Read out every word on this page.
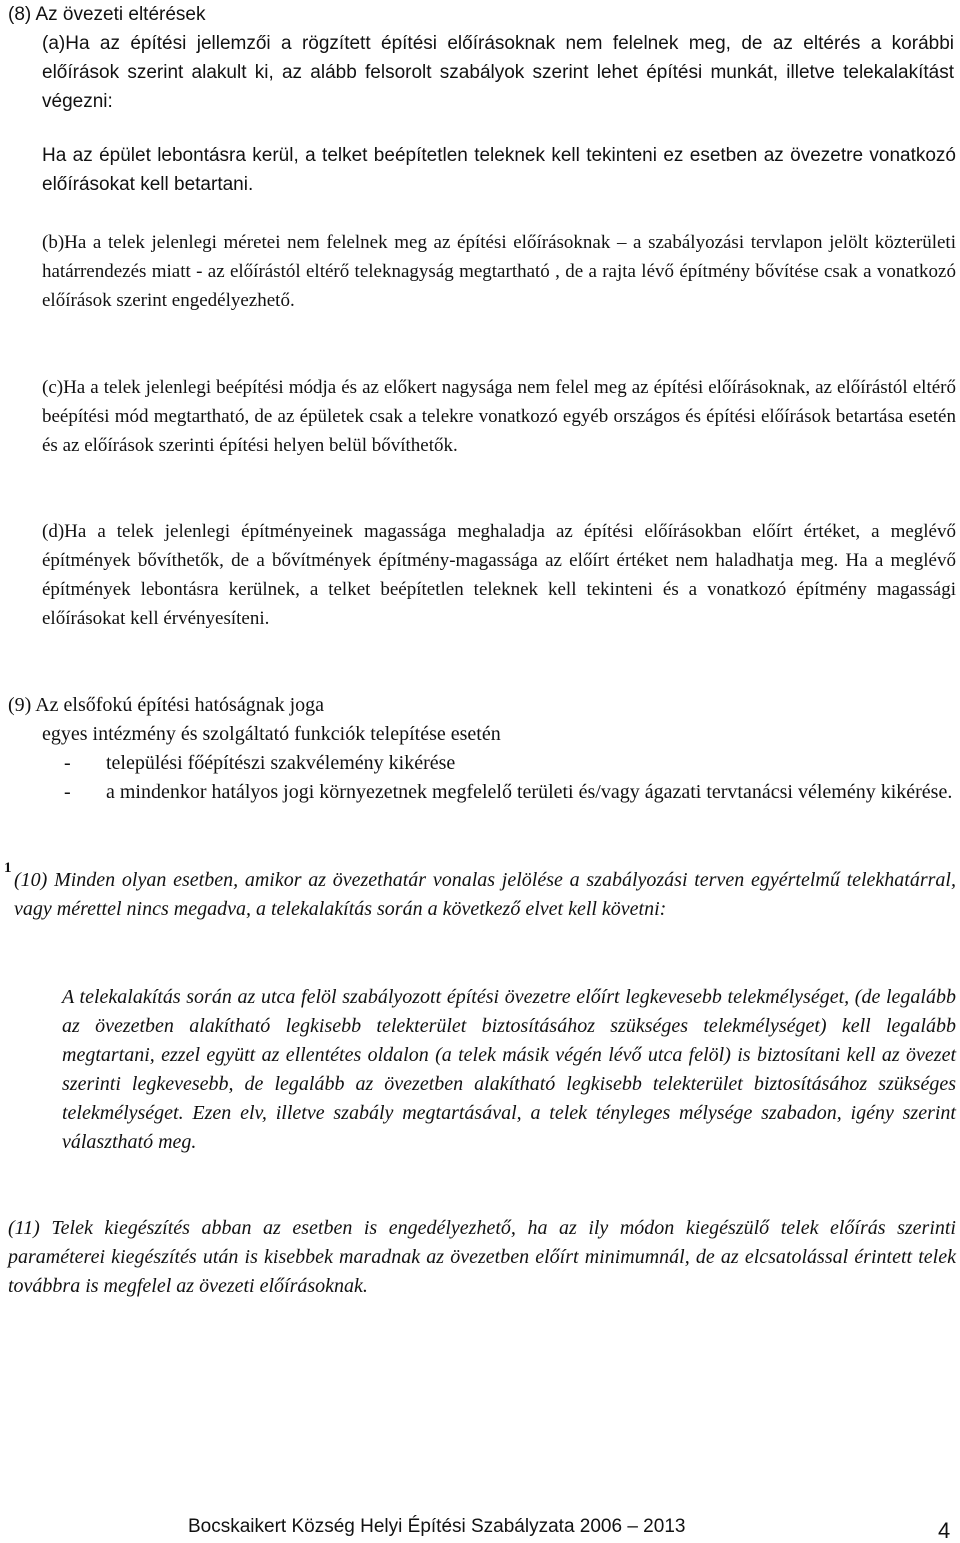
(8) Az övezeti eltérések
(a)Ha az építési jellemzői a rögzített építési előírásoknak nem felelnek meg, de az eltérés a korábbi előírások szerint alakult ki, az alább felsorolt szabályok szerint lehet építési munkát, illetve telekalakítást végezni:
Ha az épület lebontásra kerül, a telket beépítetlen teleknek kell tekinteni ez esetben az övezetre vonatkozó előírásokat kell betartani.
(b)Ha a telek jelenlegi méretei nem felelnek meg az építési előírásoknak – a szabályozási tervlapon jelölt közterületi határrendezés miatt - az előírástól eltérő teleknagyság megtartható , de a rajta lévő építmény bővítése csak a vonatkozó előírások szerint engedélyezhető.
(c)Ha a telek jelenlegi beépítési módja és az előkert nagysága nem felel meg az építési előírásoknak, az előírástól eltérő beépítési mód megtartható, de az épületek csak a telekre vonatkozó egyéb országos és építési előírások betartása esetén és az előírások szerinti építési helyen belül bővíthetők.
(d)Ha a telek jelenlegi építményeinek magassága meghaladja az építési előírásokban előírt értéket, a meglévő építmények bővíthetők, de a bővítmények építmény-magassága az előírt értéket nem haladhatja meg. Ha a meglévő építmények lebontásra kerülnek, a telket beépítetlen teleknek kell tekinteni és a vonatkozó építmény magassági előírásokat kell érvényesíteni.
(9) Az elsőfokú építési hatóságnak joga
egyes intézmény és szolgáltató funkciók telepítése esetén
-	települési főépítészi szakvélemény kikérése
-	a mindenkor hatályos jogi környezetnek megfelelő területi és/vagy ágazati tervtanácsi vélemény kikérése.
1
(10) Minden olyan esetben, amikor az övezethatár vonalas jelölése a szabályozási terven egyértelmű telekhatárral, vagy mérettel nincs megadva, a telekalakítás során a következő elvet kell követni:
A telekalakítás során az utca felöl szabályozott építési övezetre előírt legkevesebb telekmélységet, (de legalább az övezetben alakítható legkisebb telekterület biztosításához szükséges telekmélységet) kell legalább megtartani, ezzel együtt az ellentétes oldalon (a telek másik végén lévő utca felöl) is biztosítani kell az övezet szerinti legkevesebb, de legalább az övezetben alakítható legkisebb telekterület biztosításához szükséges telekmélységet. Ezen elv, illetve szabály megtartásával, a telek tényleges mélysége szabadon, igény szerint választható meg.
(11) Telek kiegészítés abban az esetben is engedélyezhető, ha az ily módon kiegészülő telek előírás szerinti paraméterei kiegészítés után is kisebbek maradnak az övezetben előírt minimumnál, de az elcsatolással érintett telek továbbra is megfelel az övezeti előírásoknak.
Bocskaikert Község Helyi Építési Szabályzata 2006 – 2013	4
